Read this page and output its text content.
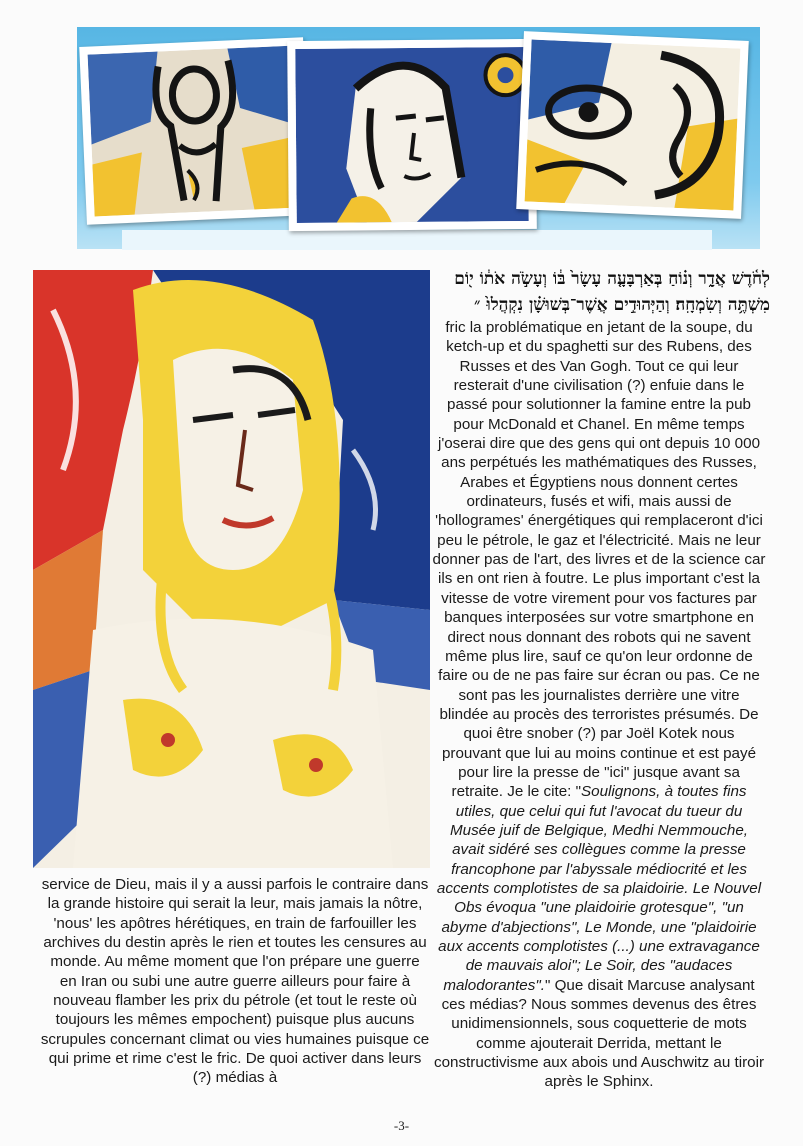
לְחֹ֫דֶשׁ אֲדָ֑ר וְנ֗וֹחַ בְּאַרְבָּעָ֤ה עָשָׂר֙ בּ֔וֹ וְעָשֹׂ֣ה אֹת֔וֹ י֖וֹם
מִשְׁתֶּ֥ה וְשִׂמְחָֽה׃ וְהַיְּהוּדִ֣ים אֲשֶׁר־בְּשׁוּשָׁ֗ן נִקְהֲלוּ֙ ״

fric la problématique en jetant de la soupe, du ketch-up et du spaghetti sur des Rubens, des Russes et des Van Gogh. Tout ce qui leur resterait d'une civilisation (?) enfuie dans le passé pour solutionner la famine entre la pub pour McDonald et Chanel. En même temps j'oserai dire que des gens qui ont depuis 10 000 ans perpétués les mathématiques des Russes, Arabes et Égyptiens nous donnent certes ordinateurs, fusés et wifi, mais aussi de 'hollogrames' énergétiques qui remplaceront d'ici peu le pétrole, le gaz et l'électricité. Mais ne leur donner pas de l'art, des livres et de la science car ils en ont rien à foutre. Le plus important c'est la vitesse de votre virement pour vos factures par banques interposées sur votre smartphone en direct nous donnant des robots qui ne savent même plus lire, sauf ce qu'on leur ordonne de faire ou de ne pas faire sur écran ou pas. Ce ne sont pas les journalistes derrière une vitre blindée au procès des terroristes présumés. De quoi être snober (?) par Joël Kotek nous prouvant que lui au moins continue et est payé pour lire la presse de "ici" jusque avant sa retraite. Je le cite: "Soulignons, à toutes fins utiles, que celui qui fut l'avocat du tueur du Musée juif de Belgique, Medhi Nemmouche, avait sidéré ses collègues comme la presse francophone par l'abyssale médiocrité et les accents complotistes de sa plaidoirie. Le Nouvel Obs évoqua "une plaidoirie grotesque", "un abyme d'abjections", Le Monde, une "plaidoirie aux accents complotistes (...) une extravagance de mauvais aloi"; Le Soir, des "audaces malodorantes"." Que disait Marcuse analysant ces médias? Nous sommes devenus des êtres unidimensionnels, sous coquetterie de mots comme ajouterait Derrida, mettant le constructivisme aux abois und Auschwitz au tiroir après le Sphinx.

service de Dieu, mais il y a aussi parfois le contraire dans la grande histoire qui serait la leur, mais jamais la nôtre, 'nous' les apôtres hérétiques, en train de farfouiller les archives du destin après le rien et toutes les censures au monde. Au même moment que l'on prépare une guerre en Iran ou subi une autre guerre ailleurs pour faire à nouveau flamber les prix du pétrole (et tout le reste où toujours les mêmes empochent) puisque plus aucuns scrupules concernant climat ou vies humaines puisque ce qui prime et rime c'est le fric. De quoi activer dans leurs (?) médias à

-3-
